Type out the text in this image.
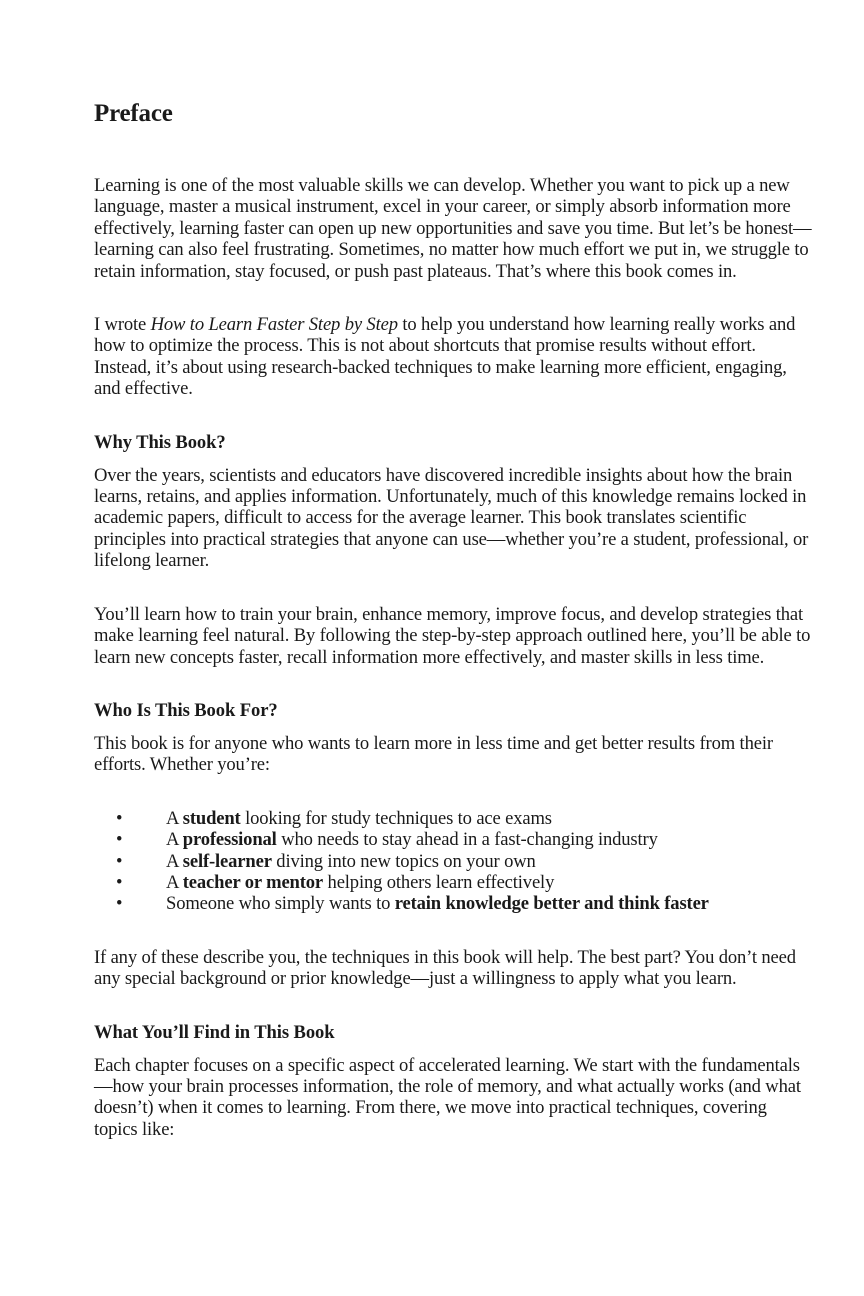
Preface

Learning is one of the most valuable skills we can develop. Whether you want to pick up a new language, master a musical instrument, excel in your career, or simply absorb information more effectively, learning faster can open up new opportunities and save you time. But let’s be honest—learning can also feel frustrating. Sometimes, no matter how much effort we put in, we struggle to retain information, stay focused, or push past plateaus. That’s where this book comes in.

I wrote How to Learn Faster Step by Step to help you understand how learning really works and how to optimize the process. This is not about shortcuts that promise results without effort. Instead, it’s about using research-backed techniques to make learning more efficient, engaging, and effective.

Why This Book?

Over the years, scientists and educators have discovered incredible insights about how the brain learns, retains, and applies information. Unfortunately, much of this knowledge remains locked in academic papers, difficult to access for the average learner. This book translates scientific principles into practical strategies that anyone can use—whether you’re a student, professional, or lifelong learner.

You’ll learn how to train your brain, enhance memory, improve focus, and develop strategies that make learning feel natural. By following the step-by-step approach outlined here, you’ll be able to learn new concepts faster, recall information more effectively, and master skills in less time.

Who Is This Book For?

This book is for anyone who wants to learn more in less time and get better results from their efforts. Whether you’re:

• A student looking for study techniques to ace exams
• A professional who needs to stay ahead in a fast-changing industry
• A self-learner diving into new topics on your own
• A teacher or mentor helping others learn effectively
• Someone who simply wants to retain knowledge better and think faster

If any of these describe you, the techniques in this book will help. The best part? You don’t need any special background or prior knowledge—just a willingness to apply what you learn.

What You’ll Find in This Book

Each chapter focuses on a specific aspect of accelerated learning. We start with the fundamentals—how your brain processes information, the role of memory, and what actually works (and what doesn’t) when it comes to learning. From there, we move into practical techniques, covering topics like:
